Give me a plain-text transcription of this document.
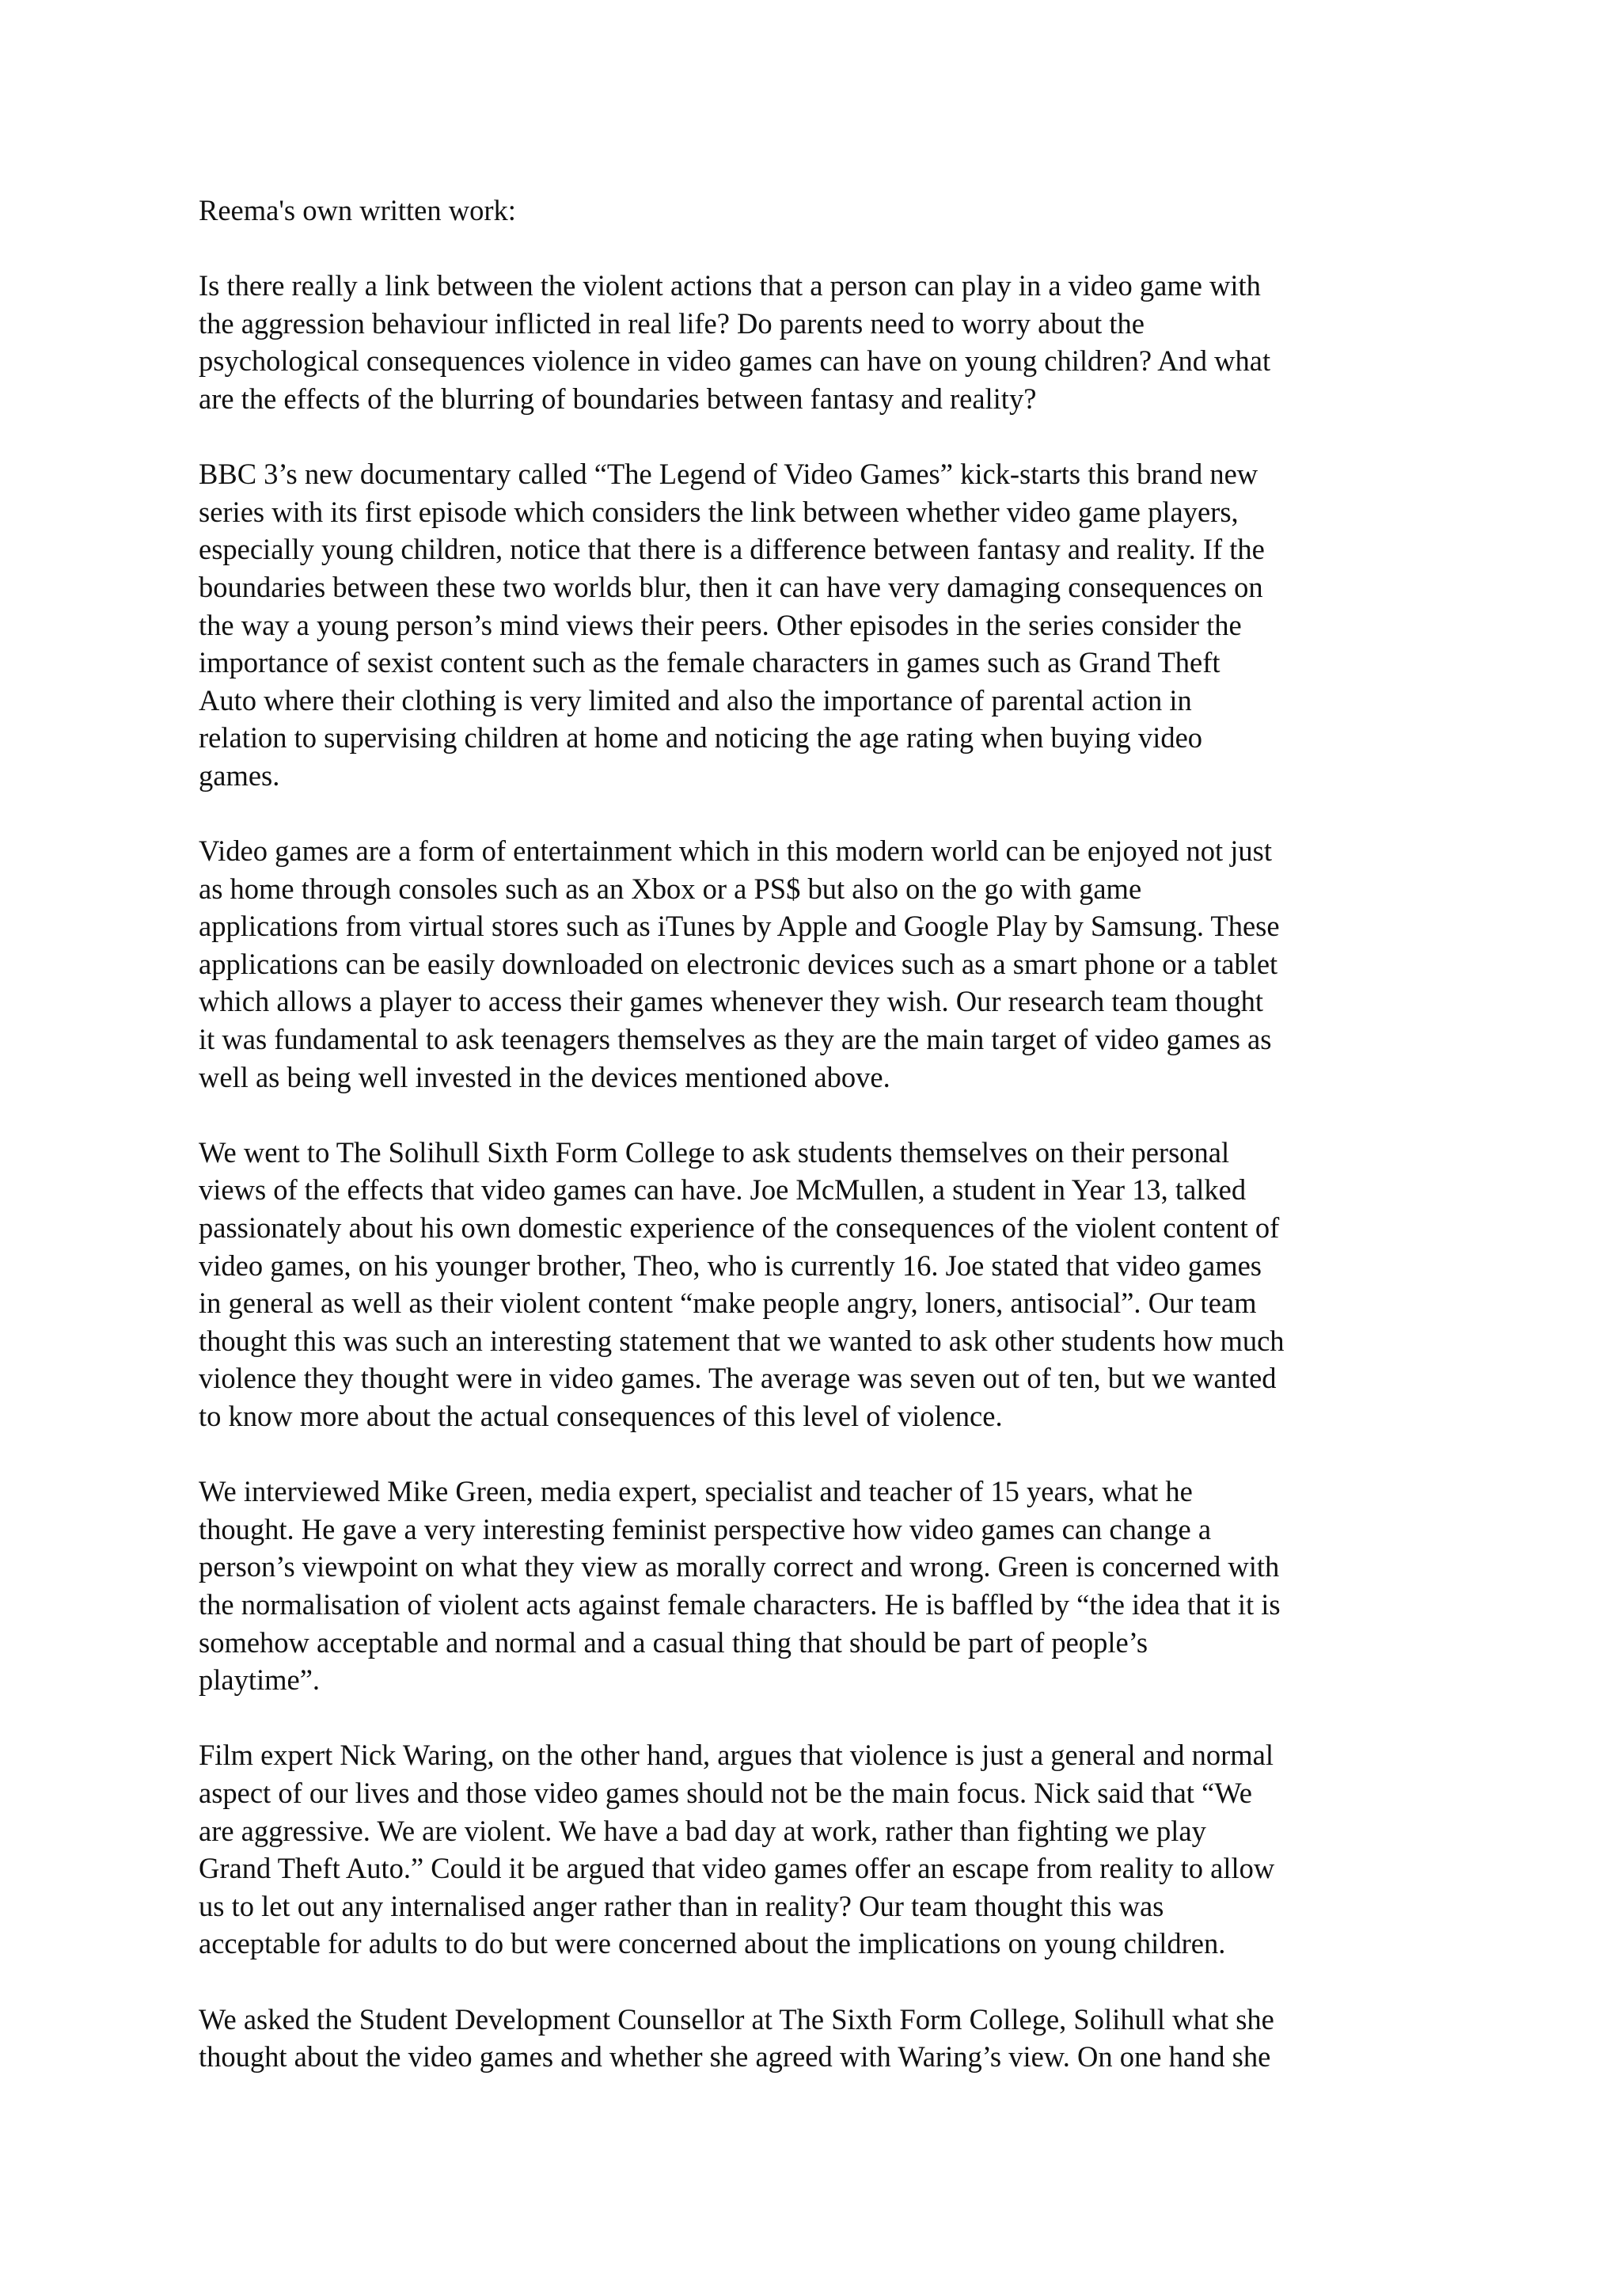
Reema's own written work:
Is there really a link between the violent actions that a person can play in a video game with
the aggression behaviour inflicted in real life? Do parents need to worry about the
psychological consequences violence in video games can have on young children? And what
are the effects of the blurring of boundaries between fantasy and reality?
BBC 3’s new documentary called “The Legend of Video Games” kick-starts this brand new
series with its first episode which considers the link between whether video game players,
especially young children, notice that there is a difference between fantasy and reality. If the
boundaries between these two worlds blur, then it can have very damaging consequences on
the way a young person’s mind views their peers. Other episodes in the series consider the
importance of sexist content such as the female characters in games such as Grand Theft
Auto where their clothing is very limited and also the importance of parental action in
relation to supervising children at home and noticing the age rating when buying video
games.
Video games are a form of entertainment which in this modern world can be enjoyed not just
as home through consoles such as an Xbox or a PS$ but also on the go with game
applications from virtual stores such as iTunes by Apple and Google Play by Samsung. These
applications can be easily downloaded on electronic devices such as a smart phone or a tablet
which allows a player to access their games whenever they wish. Our research team thought
it was fundamental to ask teenagers themselves as they are the main target of video games as
well as being well invested in the devices mentioned above.
We went to The Solihull Sixth Form College to ask students themselves on their personal
views of the effects that video games can have. Joe McMullen, a student in Year 13, talked
passionately about his own domestic experience of the consequences of the violent content of
video games, on his younger brother, Theo, who is currently 16. Joe stated that video games
in general as well as their violent content “make people angry, loners, antisocial”. Our team
thought this was such an interesting statement that we wanted to ask other students how much
violence they thought were in video games. The average was seven out of ten, but we wanted
to know more about the actual consequences of this level of violence.
We interviewed Mike Green, media expert, specialist and teacher of 15 years, what he
thought. He gave a very interesting feminist perspective how video games can change a
person’s viewpoint on what they view as morally correct and wrong. Green is concerned with
the normalisation of violent acts against female characters. He is baffled by “the idea that it is
somehow acceptable and normal and a casual thing that should be part of people’s
playtime”.
Film expert Nick Waring, on the other hand, argues that violence is just a general and normal
aspect of our lives and those video games should not be the main focus. Nick said that “We
are aggressive. We are violent. We have a bad day at work, rather than fighting we play
Grand Theft Auto.” Could it be argued that video games offer an escape from reality to allow
us to let out any internalised anger rather than in reality? Our team thought this was
acceptable for adults to do but were concerned about the implications on young children.
We asked the Student Development Counsellor at The Sixth Form College, Solihull what she
thought about the video games and whether she agreed with Waring’s view. On one hand she
